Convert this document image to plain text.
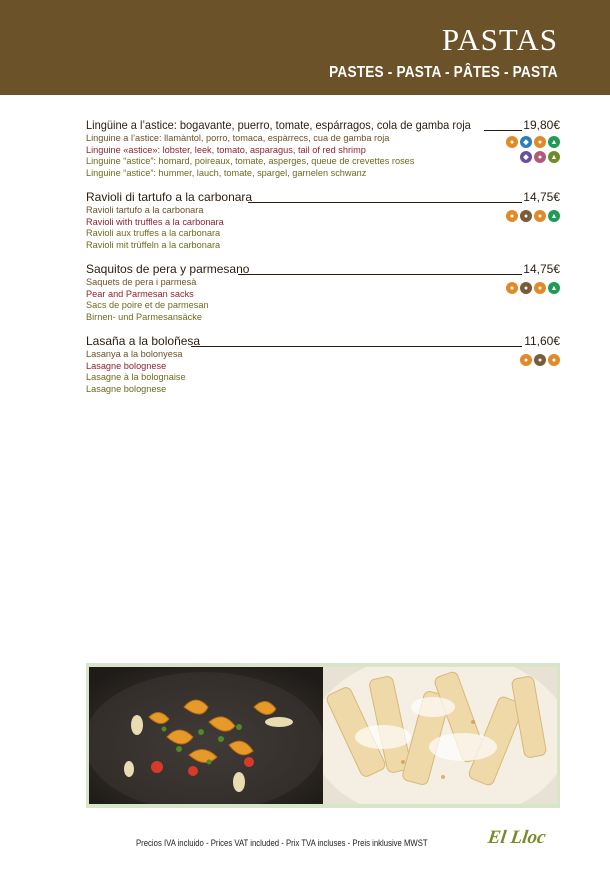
PASTAS
PASTES - PASTA - PÂTES - PASTA
Lingüine a l’astice: bogavante, puerro, tomate, espárragos, cola de gamba roja	19,80€
Linguine a l’astice: llamàntol, porro, tomaca, espàrrecs, cua de gamba roja
Linguine «astice»: lobster, leek, tomato, asparagus, tail of red shrimp
Linguine “astice”: homard, poireaux, tomate, asperges, queue de crevettes roses
Linguine “astice”: hummer, lauch, tomate, spargel, garnelen schwanz
●	◆	●	▲
◆	●	▲
Ravioli di tartufo a la carbonara	14,75€
Ravioli tartufo a la carbonara
Ravioli with truffles a la carbonara
Ravioli aux truffes a la carbonara
Ravioli mit trüffeln a la carbonara
●	●	●	▲
Saquitos de pera y parmesano	14,75€
Saquets de pera i parmesà
Pear and Parmesan sacks
Sacs de poire et de parmesan
Birnen- und Parmesansäcke
●	●	●	▲
Lasaña a la boloñesa	11,60€
Lasanya a la bolonyesa
Lasagne bolognese
Lasagne à la bolognaise
Lasagne bolognese
●	●	●
Precios IVA incluido - Prices VAT included - Prix TVA incluses - Preis inklusive MWST	El Lloc
